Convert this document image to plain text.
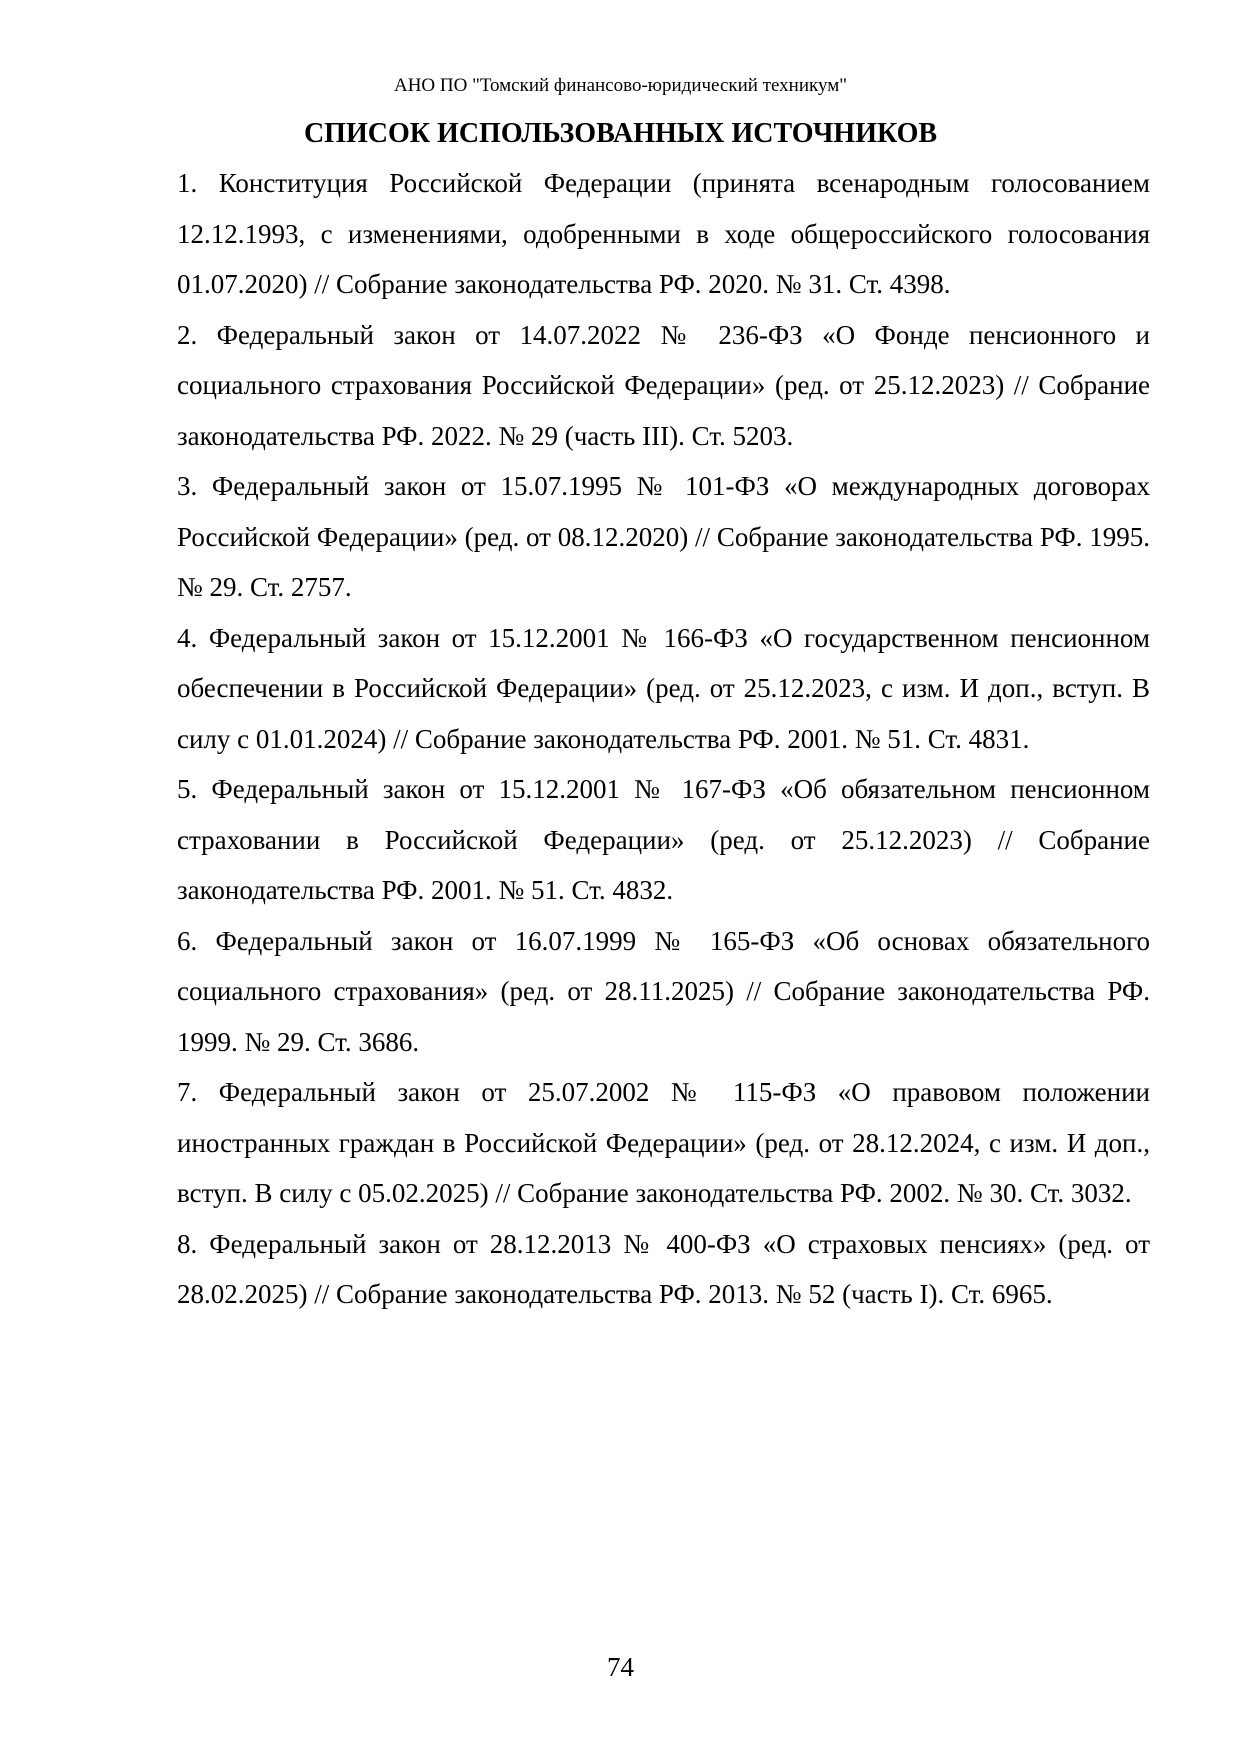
АНО ПО "Томский финансово-юридический техникум"
СПИСОК ИСПОЛЬЗОВАННЫХ ИСТОЧНИКОВ
1. Конституция Российской Федерации (принята всенародным голосованием 12.12.1993, с изменениями, одобренными в ходе общероссийского голосования 01.07.2020) // Собрание законодательства РФ. 2020. № 31. Ст. 4398.
2. Федеральный закон от 14.07.2022 № 236-ФЗ «О Фонде пенсионного и социального страхования Российской Федерации» (ред. от 25.12.2023) // Собрание законодательства РФ. 2022. № 29 (часть III). Ст. 5203.
3. Федеральный закон от 15.07.1995 № 101-ФЗ «О международных договорах Российской Федерации» (ред. от 08.12.2020) // Собрание законодательства РФ. 1995. № 29. Ст. 2757.
4. Федеральный закон от 15.12.2001 № 166-ФЗ «О государственном пенсионном обеспечении в Российской Федерации» (ред. от 25.12.2023, с изм. И доп., вступ. В силу с 01.01.2024) // Собрание законодательства РФ. 2001. № 51. Ст. 4831.
5. Федеральный закон от 15.12.2001 № 167-ФЗ «Об обязательном пенсионном страховании в Российской Федерации» (ред. от 25.12.2023) // Собрание законодательства РФ. 2001. № 51. Ст. 4832.
6. Федеральный закон от 16.07.1999 № 165-ФЗ «Об основах обязательного социального страхования» (ред. от 28.11.2025) // Собрание законодательства РФ. 1999. № 29. Ст. 3686.
7. Федеральный закон от 25.07.2002 № 115-ФЗ «О правовом положении иностранных граждан в Российской Федерации» (ред. от 28.12.2024, с изм. И доп., вступ. В силу с 05.02.2025) // Собрание законодательства РФ. 2002. № 30. Ст. 3032.
8. Федеральный закон от 28.12.2013 № 400-ФЗ «О страховых пенсиях» (ред. от 28.02.2025) // Собрание законодательства РФ. 2013. № 52 (часть I). Ст. 6965.
74
